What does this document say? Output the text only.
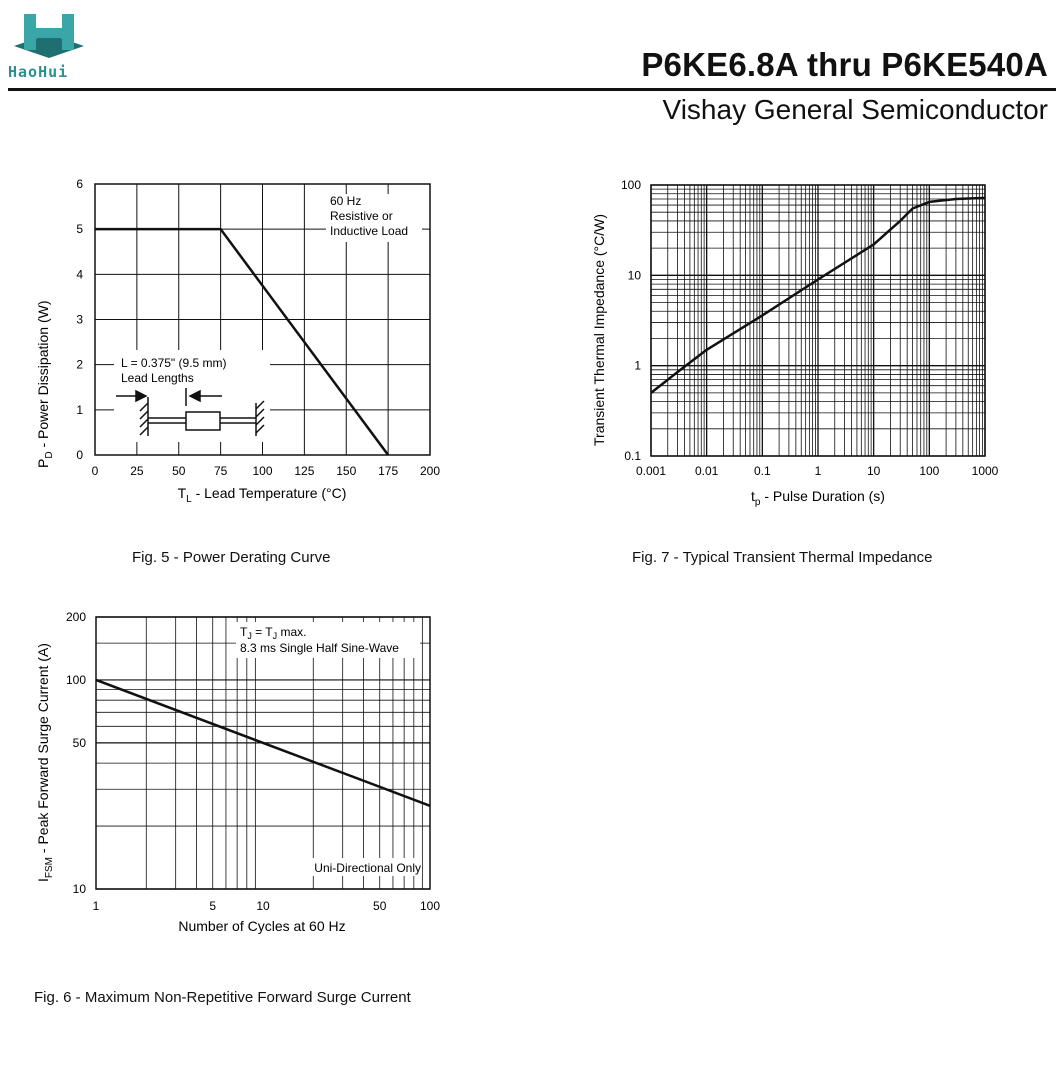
HaoHui	P6KE6.8A thru P6KE540A
Vishay General Semiconductor
0	25 50 75 100 125 150 175 200
0
1
2
3
4
5
6
60 Hz
Resistive or
Inductive Load
L = 0.375" (9.5 mm)
Lead Lengths
$T_L$ - Lead Temperature (°C)
$P_D$ - Power Dissipation (W)
Fig. 5 - Power Derating Curve
0.001 0.01	0.1	1	10	100	1000
0.1
1
10
100
$t_p$ - Pulse Duration (s)
Transient Thermal Impedance (°C/W)
Fig. 7 - Typical Transient Thermal Impedance
1	5	10	50	100
10
50
100
200
$T_J = T_J$ max.
8.3 ms Single Half Sine-Wave
Uni-Directional Only
Number of Cycles at 60 Hz
$I_{FSM}$ - Peak Forward Surge Current (A)
Fig. 6 - Maximum Non-Repetitive Forward Surge Current
